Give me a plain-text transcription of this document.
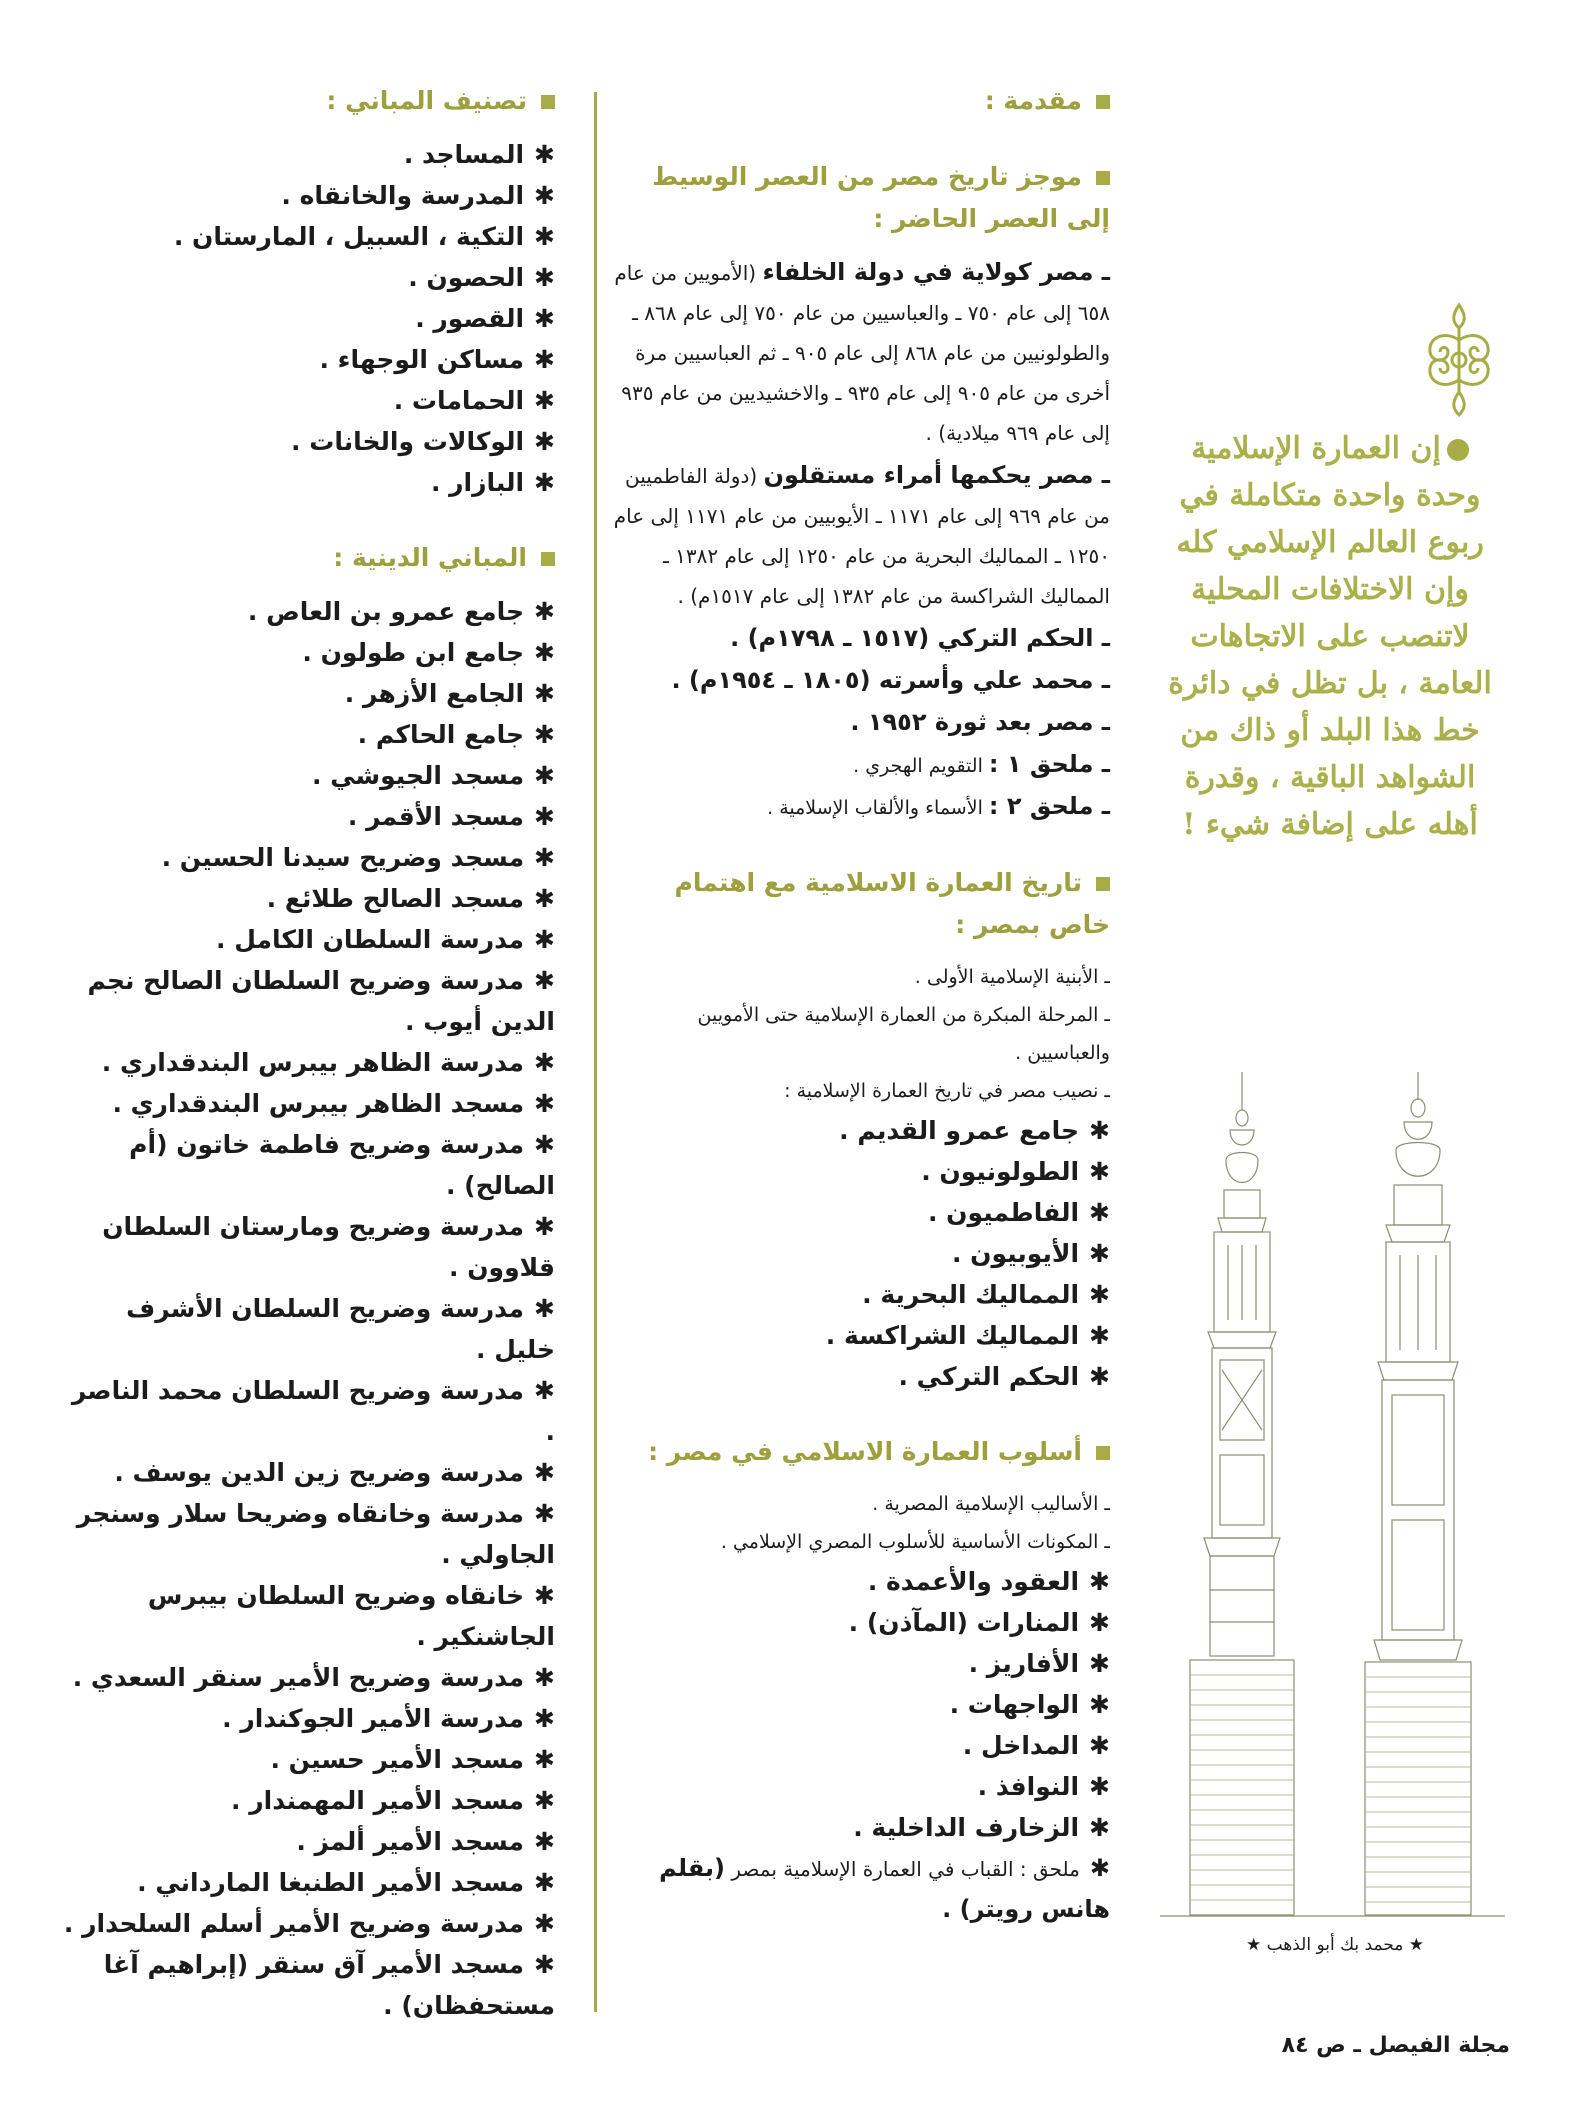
مقدمة :
موجز تاريخ مصر من العصر الوسيط إلى العصر الحاضر :
ـ مصر كولاية في دولة الخلفاء (الأمويين من عام ٦٥٨ إلى عام ٧٥٠ ـ والعباسيين من عام ٧٥٠ إلى عام ٨٦٨ ـ والطولونيين من عام ٨٦٨ إلى عام ٩٠٥ ـ ثم العباسيين مرة أخرى من عام ٩٠٥ إلى عام ٩٣٥ ـ والاخشيديين من عام ٩٣٥ إلى عام ٩٦٩ ميلادية) .
ـ مصر يحكمها أمراء مستقلون (دولة الفاطميين من عام ٩٦٩ إلى عام ١١٧١ ـ الأيوبيين من عام ١١٧١ إلى عام ١٢٥٠ ـ المماليك البحرية من عام ١٢٥٠ إلى عام ١٣٨٢ ـ المماليك الشراكسة من عام ١٣٨٢ إلى عام ١٥١٧م) .
ـ الحكم التركي (١٥١٧ ـ ١٧٩٨م) .
ـ محمد علي وأسرته (١٨٠٥ ـ ١٩٥٤م) .
ـ مصر بعد ثورة ١٩٥٢ .
ـ ملحق ١ : التقويم الهجري .
ـ ملحق ٢ : الأسماء والألقاب الإسلامية .
تاريخ العمارة الاسلامية مع اهتمام خاص بمصر :
ـ الأبنية الإسلامية الأولى .
ـ المرحلة المبكرة من العمارة الإسلامية حتى الأمويين والعباسيين .
ـ نصيب مصر في تاريخ العمارة الإسلامية :
✱جامع عمرو القديم .
✱الطولونيون .
✱الفاطميون .
✱الأيوبيون .
✱المماليك البحرية .
✱المماليك الشراكسة .
✱الحكم التركي .
أسلوب العمارة الاسلامي في مصر :
ـ الأساليب الإسلامية المصرية .
ـ المكونات الأساسية للأسلوب المصري الإسلامي .
✱العقود والأعمدة .
✱المنارات (المآذن) .
✱الأفاريز .
✱الواجهات .
✱المداخل .
✱النوافذ .
✱الزخارف الداخلية .
✱ملحق : القباب في العمارة الإسلامية بمصر (بقلم هانس رويتر) .
تصنيف المباني :
✱المساجد .
✱المدرسة والخانقاه .
✱التكية ، السبيل ، المارستان .
✱الحصون .
✱القصور .
✱مساكن الوجهاء .
✱الحمامات .
✱الوكالات والخانات .
✱البازار .
المباني الدينية :
✱جامع عمرو بن العاص .
✱جامع ابن طولون .
✱الجامع الأزهر .
✱جامع الحاكم .
✱مسجد الجيوشي .
✱مسجد الأقمر .
✱مسجد وضريح سيدنا الحسين .
✱مسجد الصالح طلائع .
✱مدرسة السلطان الكامل .
✱مدرسة وضريح السلطان الصالح نجم الدين أيوب .
✱مدرسة الظاهر بيبرس البندقداري .
✱مسجد الظاهر بيبرس البندقداري .
✱مدرسة وضريح فاطمة خاتون (أم الصالح) .
✱مدرسة وضريح ومارستان السلطان قلاوون .
✱مدرسة وضريح السلطان الأشرف خليل .
✱مدرسة وضريح السلطان محمد الناصر .
✱مدرسة وضريح زين الدين يوسف .
✱مدرسة وخانقاه وضريحا سلار وسنجر الجاولي .
✱خانقاه وضريح السلطان بيبرس الجاشنكير .
✱مدرسة وضريح الأمير سنقر السعدي .
✱مدرسة الأمير الجوكندار .
✱مسجد الأمير حسين .
✱مسجد الأمير المهمندار .
✱مسجد الأمير ألمز .
✱مسجد الأمير الطنبغا المارداني .
✱مدرسة وضريح الأمير أسلم السلحدار .
✱مسجد الأمير آق سنقر (إبراهيم آغا مستحفظان) .
إن العمارة الإسلامية وحدة واحدة متكاملة في ربوع العالم الإسلامي كله وإن الاختلافات المحلية لاتنصب على الاتجاهات العامة ، بل تظل في دائرة خط هذا البلد أو ذاك من الشواهد الباقية ، وقدرة أهله على إضافة شيء !
★ محمد بك أبو الذهب ★
مجلة الفيصل ـ ص ٨٤
